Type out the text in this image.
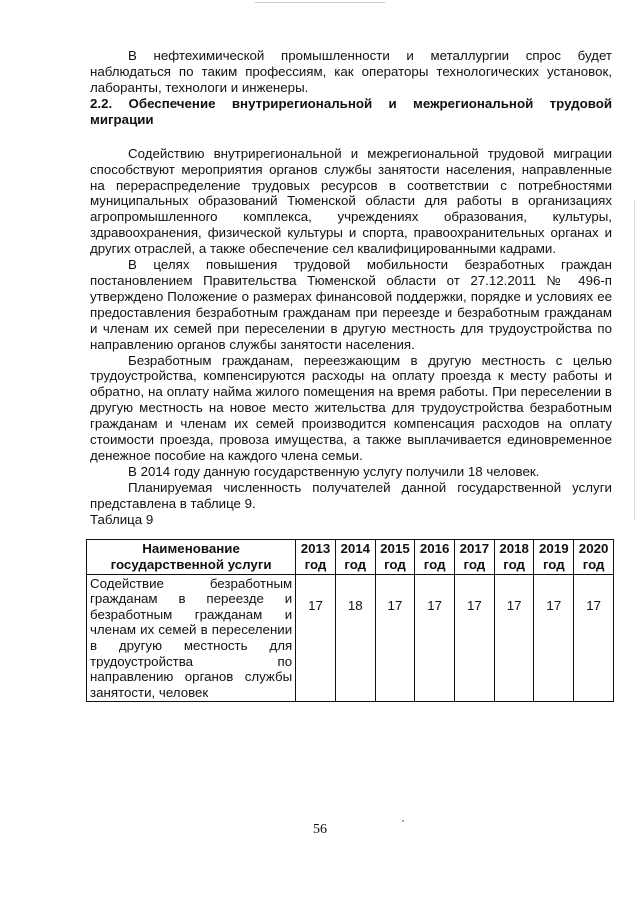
В нефтехимической промышленности и металлургии спрос будет наблюдаться по таким профессиям, как операторы технологических установок, лаборанты, технологи и инженеры.

2.2. Обеспечение внутрирегиональной и межрегиональной трудовой миграции

Содействию внутрирегиональной и межрегиональной трудовой миграции способствуют мероприятия органов службы занятости населения, направленные на перераспределение трудовых ресурсов в соответствии с потребностями муниципальных образований Тюменской области для работы в организациях агропромышленного комплекса, учреждениях образования, культуры, здравоохранения, физической культуры и спорта, правоохранительных органах и других отраслей, а также обеспечение сел квалифицированными кадрами.

В целях повышения трудовой мобильности безработных граждан постановлением Правительства Тюменской области от 27.12.2011 № 496-п утверждено Положение о размерах финансовой поддержки, порядке и условиях ее предоставления безработным гражданам при переезде и безработным гражданам и членам их семей при переселении в другую местность для трудоустройства по направлению органов службы занятости населения.

Безработным гражданам, переезжающим в другую местность с целью трудоустройства, компенсируются расходы на оплату проезда к месту работы и обратно, на оплату найма жилого помещения на время работы. При переселении в другую местность на новое место жительства для трудоустройства безработным гражданам и членам их семей производится компенсация расходов на оплату стоимости проезда, провоза имущества, а также выплачивается единовременное денежное пособие на каждого члена семьи.

В 2014 году данную государственную услугу получили 18 человек.

Планируемая численность получателей данной государственной услуги представлена в таблице 9.

Таблица 9

Наименование государственной услуги	2013 год	2014 год	2015 год	2016 год	2017 год	2018 год	2019 год	2020 год
Содействие безработным гражданам в переезде и безработным гражданам и членам их семей в переселении в другую местность для трудоустройства по направлению органов службы занятости, человек	17	18	17	17	17	17	17	17
56
